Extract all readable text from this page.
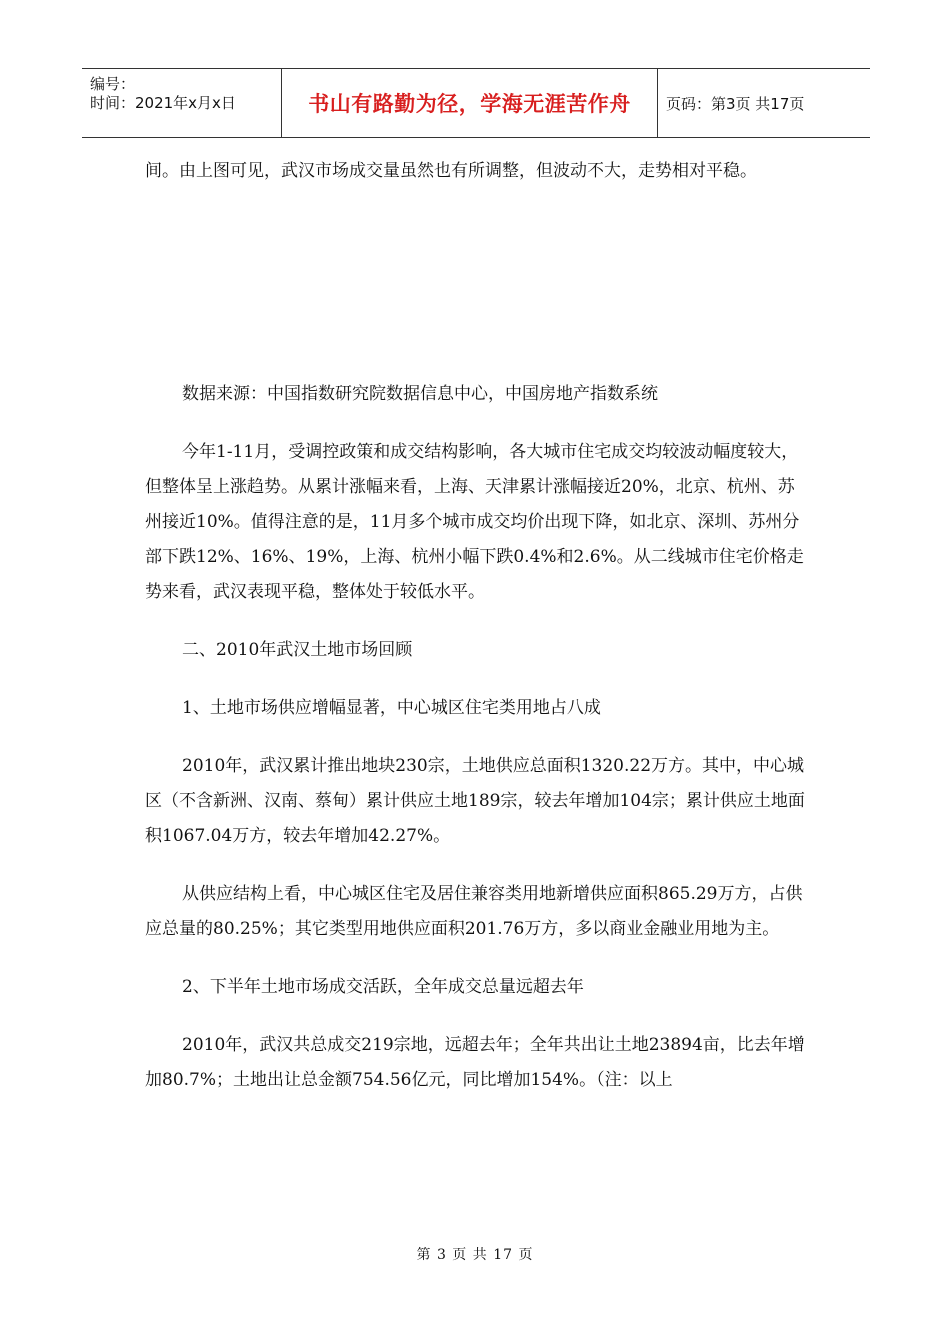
编号：
时间：2021年x月x日	书山有路勤为径，学海无涯苦作舟	页码：第3页 共17页

间。由上图可见，武汉市场成交量虽然也有所调整，但波动不大，走势相对平稳。

数据来源：中国指数研究院数据信息中心，中国房地产指数系统

今年1-11月，受调控政策和成交结构影响，各大城市住宅成交均较波动幅度较大，但整体呈上涨趋势。从累计涨幅来看，上海、天津累计涨幅接近20%，北京、杭州、苏州接近10%。值得注意的是，11月多个城市成交均价出现下降，如北京、深圳、苏州分部下跌12%、16%、19%，上海、杭州小幅下跌0.4%和2.6%。从二线城市住宅价格走势来看，武汉表现平稳，整体处于较低水平。

二、2010年武汉土地市场回顾

1、土地市场供应增幅显著，中心城区住宅类用地占八成

2010年，武汉累计推出地块230宗，土地供应总面积1320.22万方。其中，中心城区（不含新洲、汉南、蔡甸）累计供应土地189宗，较去年增加104宗；累计供应土地面积1067.04万方，较去年增加42.27%。

从供应结构上看，中心城区住宅及居住兼容类用地新增供应面积865.29万方，占供应总量的80.25%；其它类型用地供应面积201.76万方，多以商业金融业用地为主。

2、下半年土地市场成交活跃，全年成交总量远超去年

2010年，武汉共总成交219宗地，远超去年；全年共出让土地23894亩，比去年增加80.7%；土地出让总金额754.56亿元，同比增加154%。（注：以上

第 3 页 共 17 页
